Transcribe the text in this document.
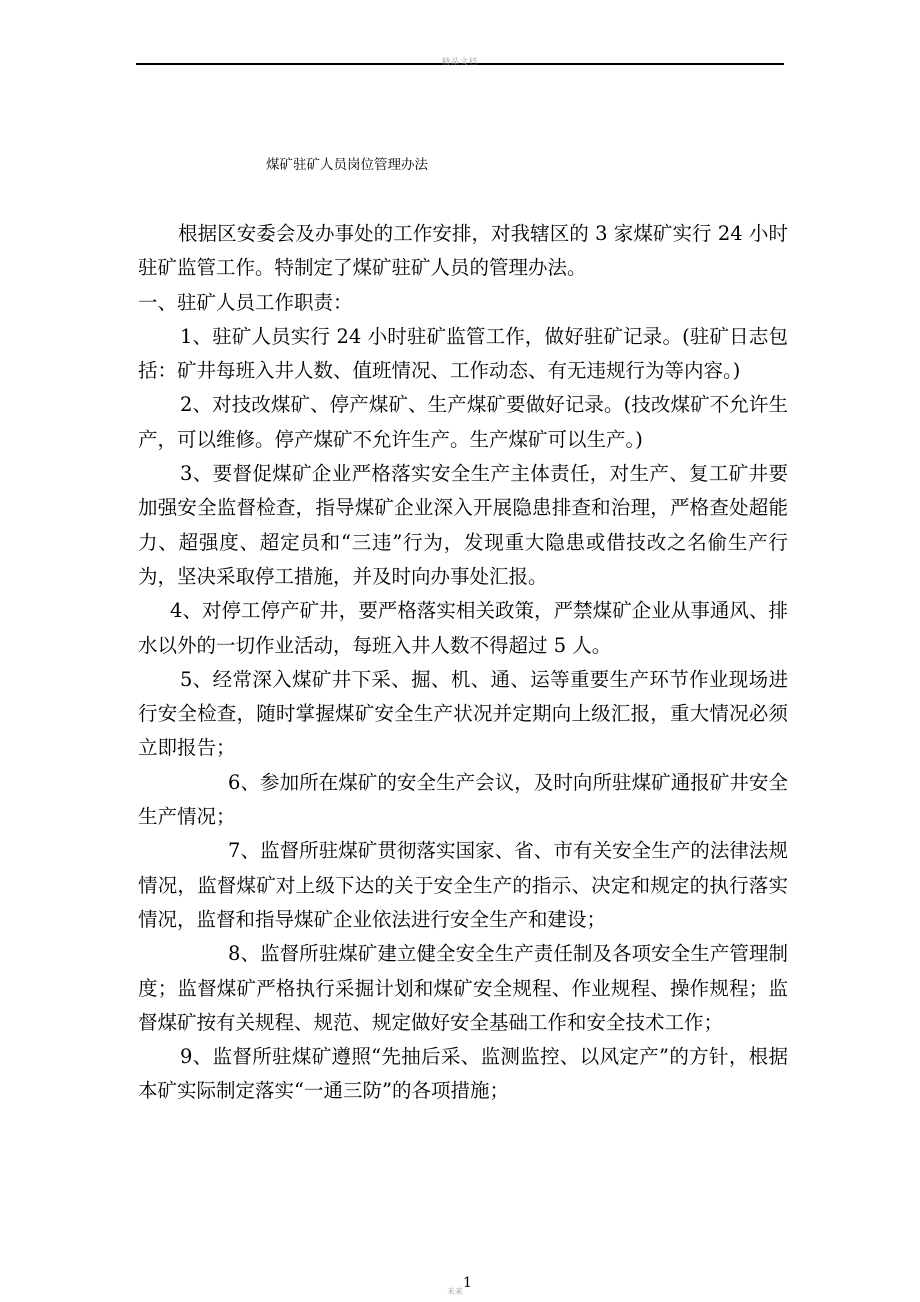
精品文档
煤矿驻矿人员岗位管理办法

根据区安委会及办事处的工作安排，对我辖区的 3 家煤矿实行 24 小时驻矿监管工作。特制定了煤矿驻矿人员的管理办法。

一、驻矿人员工作职责：

1、驻矿人员实行 24 小时驻矿监管工作，做好驻矿记录。(驻矿日志包括：矿井每班入井人数、值班情况、工作动态、有无违规行为等内容。)

2、对技改煤矿、停产煤矿、生产煤矿要做好记录。(技改煤矿不允许生产，可以维修。停产煤矿不允许生产。生产煤矿可以生产。)

3、要督促煤矿企业严格落实安全生产主体责任，对生产、复工矿井要加强安全监督检查，指导煤矿企业深入开展隐患排查和治理，严格查处超能力、超强度、超定员和“三违”行为，发现重大隐患或借技改之名偷生产行为，坚决采取停工措施，并及时向办事处汇报。

4、对停工停产矿井，要严格落实相关政策，严禁煤矿企业从事通风、排水以外的一切作业活动，每班入井人数不得超过 5 人。

5、经常深入煤矿井下采、掘、机、通、运等重要生产环节作业现场进行安全检查，随时掌握煤矿安全生产状况并定期向上级汇报，重大情况必须立即报告；

6、参加所在煤矿的安全生产会议，及时向所驻煤矿通报矿井安全生产情况；

7、监督所驻煤矿贯彻落实国家、省、市有关安全生产的法律法规情况，监督煤矿对上级下达的关于安全生产的指示、决定和规定的执行落实情况，监督和指导煤矿企业依法进行安全生产和建设；

8、监督所驻煤矿建立健全安全生产责任制及各项安全生产管理制度；监督煤矿严格执行采掘计划和煤矿安全规程、作业规程、操作规程；监督煤矿按有关规程、规范、规定做好安全基础工作和安全技术工作；

9、监督所驻煤矿遵照“先抽后采、监测监控、以风定产”的方针，根据本矿实际制定落实“一通三防”的各项措施；

未来1
